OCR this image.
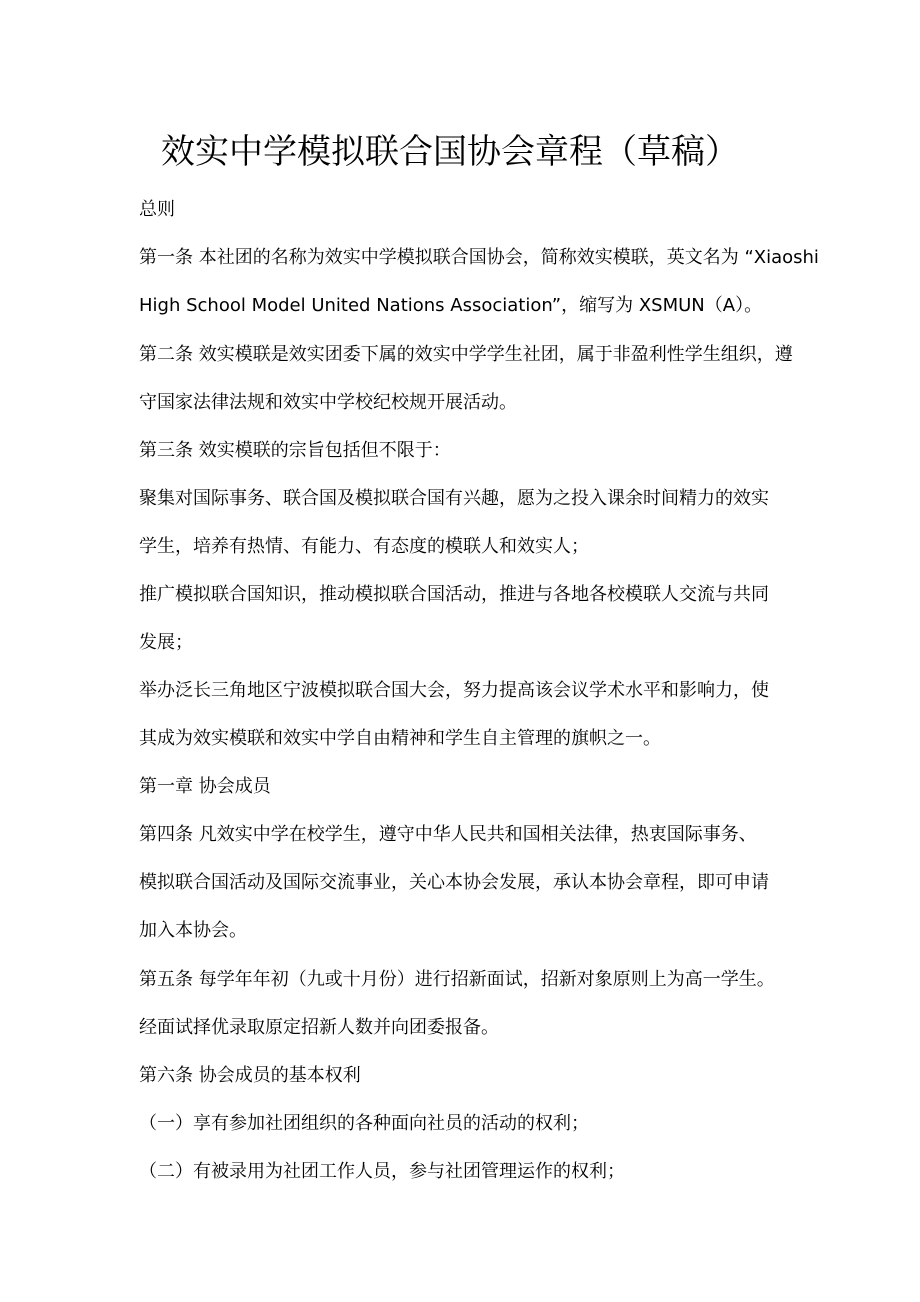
效实中学模拟联合国协会章程（草稿）
总则
第一条 本社团的名称为效实中学模拟联合国协会，简称效实模联，英文名为 “Xiaoshi
High School Model United Nations Association”，缩写为 XSMUN（A）。
第二条 效实模联是效实团委下属的效实中学学生社团，属于非盈利性学生组织，遵
守国家法律法规和效实中学校纪校规开展活动。
第三条 效实模联的宗旨包括但不限于：
聚集对国际事务、联合国及模拟联合国有兴趣，愿为之投入课余时间精力的效实
学生，培养有热情、有能力、有态度的模联人和效实人；
推广模拟联合国知识，推动模拟联合国活动，推进与各地各校模联人交流与共同
发展；
举办泛长三角地区宁波模拟联合国大会，努力提高该会议学术水平和影响力，使
其成为效实模联和效实中学自由精神和学生自主管理的旗帜之一。
第一章 协会成员
第四条 凡效实中学在校学生，遵守中华人民共和国相关法律，热衷国际事务、
模拟联合国活动及国际交流事业，关心本协会发展，承认本协会章程，即可申请
加入本协会。
第五条 每学年年初（九或十月份）进行招新面试，招新对象原则上为高一学生。
经面试择优录取原定招新人数并向团委报备。
第六条 协会成员的基本权利
（一）享有参加社团组织的各种面向社员的活动的权利；
（二）有被录用为社团工作人员，参与社团管理运作的权利；
